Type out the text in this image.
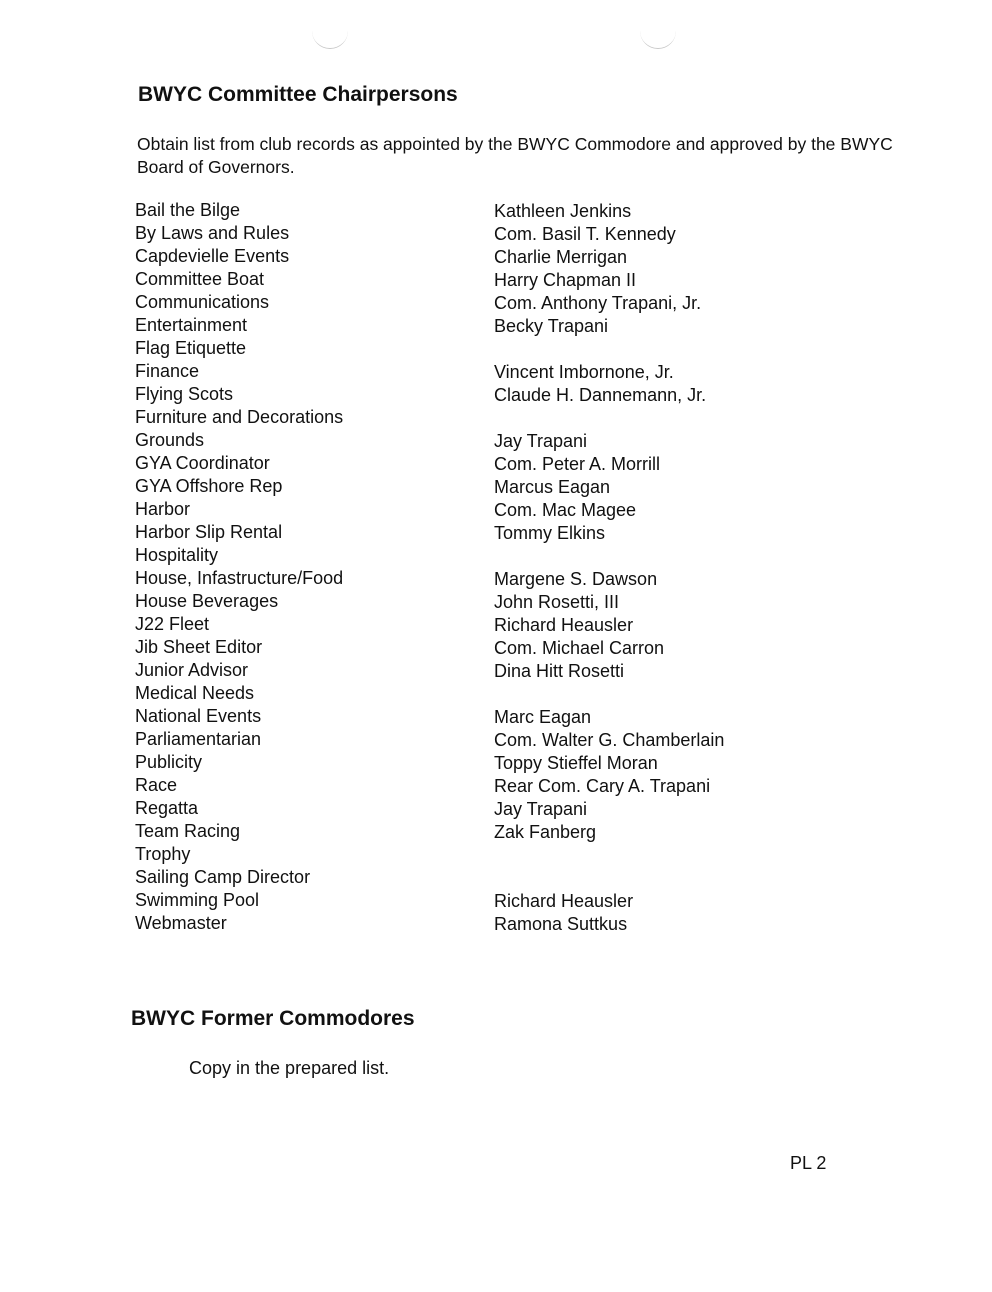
BWYC Committee Chairpersons

Obtain list from club records as appointed by the BWYC Commodore and approved by the BWYC Board of Governors.

Bail the Bilge
By Laws and Rules
Capdevielle Events
Committee Boat
Communications
Entertainment
Flag Etiquette
Finance
Flying Scots
Furniture and Decorations
Grounds
GYA Coordinator
GYA Offshore Rep
Harbor
Harbor Slip Rental
Hospitality
House, Infastructure/Food
House Beverages
J22 Fleet
Jib Sheet Editor
Junior Advisor
Medical Needs
National Events
Parliamentarian
Publicity
Race
Regatta
Team Racing
Trophy
Sailing Camp Director
Swimming Pool
Webmaster
Kathleen Jenkins
Com. Basil T. Kennedy
Charlie Merrigan
Harry Chapman II
Com. Anthony Trapani, Jr.
Becky Trapani
Vincent Imbornone, Jr.
Claude H. Dannemann, Jr.
Jay Trapani
Com. Peter A. Morrill
Marcus Eagan
Com. Mac Magee
Tommy Elkins
Margene S. Dawson
John Rosetti, III
Richard Heausler
Com. Michael Carron
Dina Hitt Rosetti
Marc Eagan
Com. Walter G. Chamberlain
Toppy Stieffel Moran
Rear Com. Cary A. Trapani
Jay Trapani
Zak Fanberg
Richard Heausler
Ramona Suttkus
BWYC Former Commodores

Copy in the prepared list.

PL 2
